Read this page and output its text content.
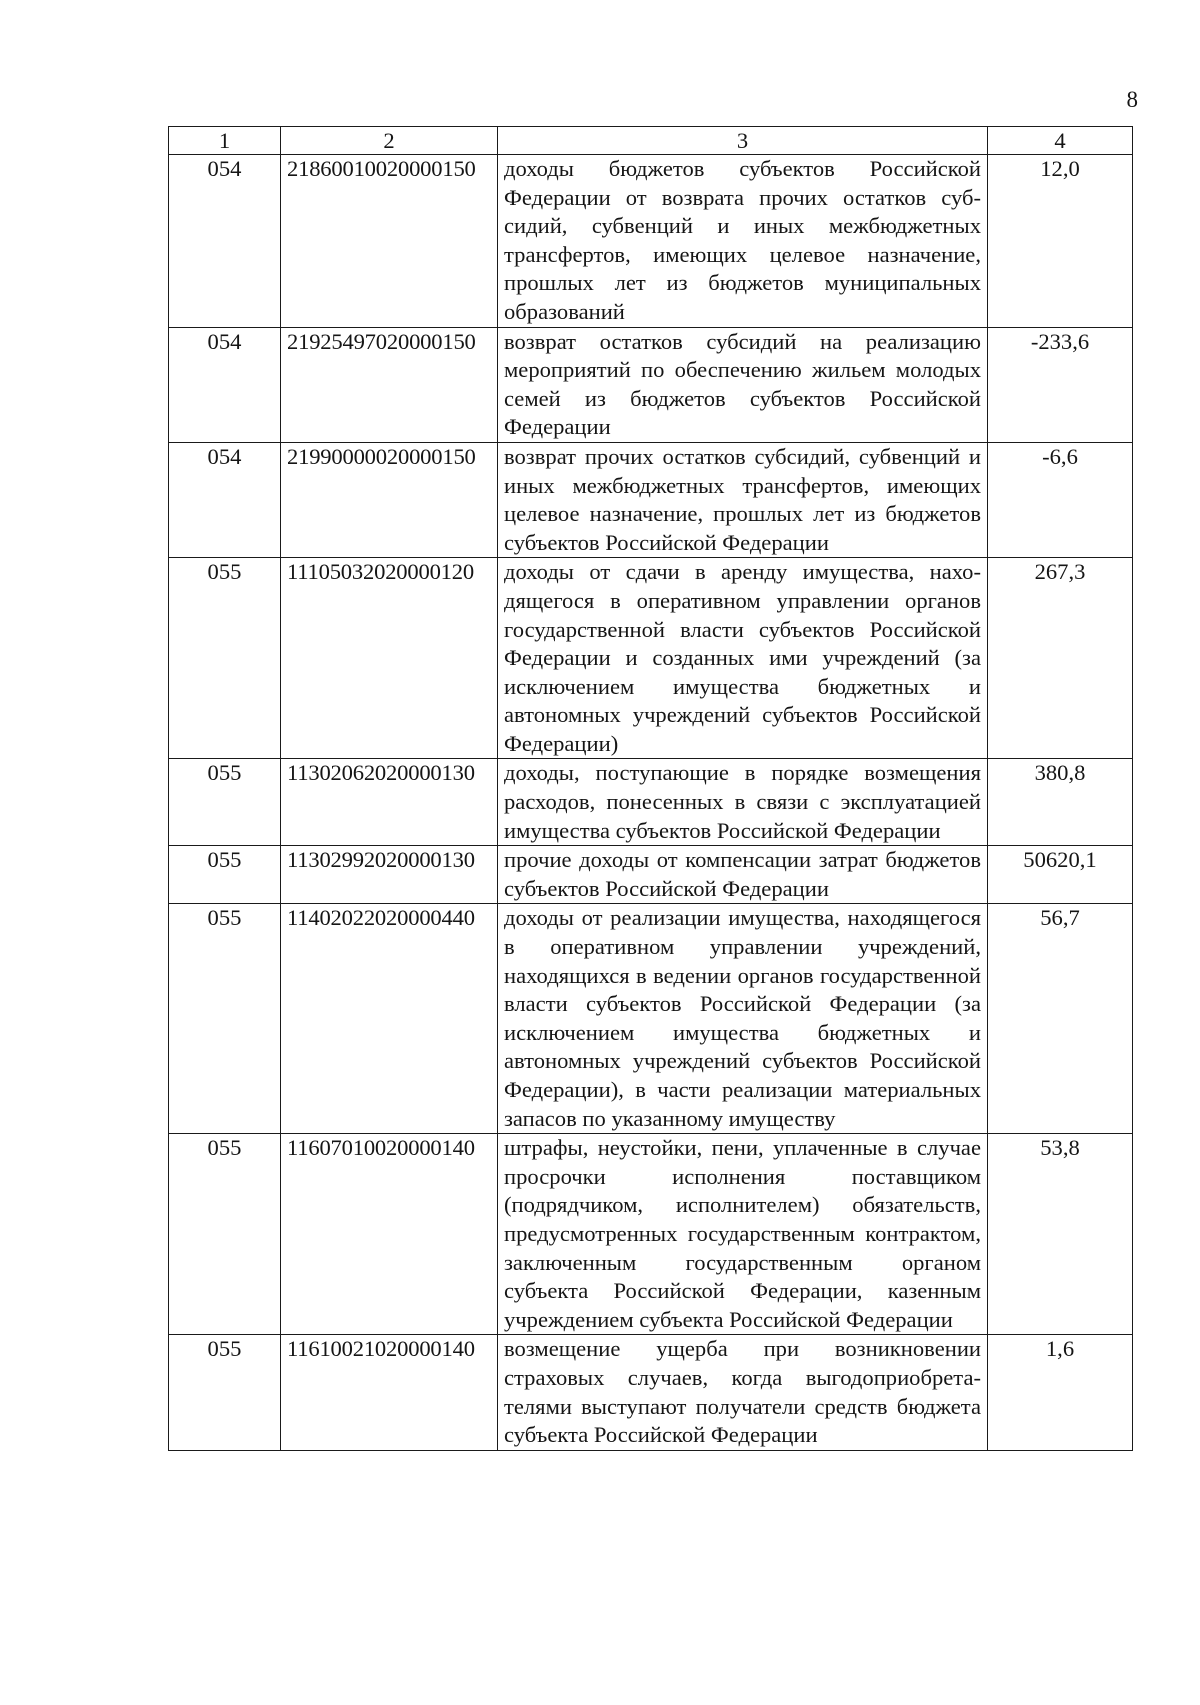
8
1	2	3	4
054	21860010020000150	доходы бюджетов субъектов Российской Федерации от возврата прочих остатков субсидий, субвенций и иных межбюджетных трансфертов, имеющих целевое назначение, прошлых лет из бюджетов муниципальных образований	12,0
054	21925497020000150	возврат остатков субсидий на реализацию мероприятий по обеспечению жильем молодых семей из бюджетов субъектов Российской Федерации	-233,6
054	21990000020000150	возврат прочих остатков субсидий, субвенций и иных межбюджетных трансфертов, имеющих целевое назначение, прошлых лет из бюджетов субъектов Российской Федерации	-6,6
055	11105032020000120	доходы от сдачи в аренду имущества, находящегося в оперативном управлении органов государственной власти субъектов Российской Федерации и созданных ими учреждений (за исключением имущества бюджетных и автономных учреждений субъектов Российской Федерации)	267,3
055	11302062020000130	доходы, поступающие в порядке возмещения расходов, понесенных в связи с эксплуатацией имущества субъектов Российской Федерации	380,8
055	11302992020000130	прочие доходы от компенсации затрат бюджетов субъектов Российской Федерации	50620,1
055	11402022020000440	доходы от реализации имущества, находящегося в оперативном управлении учреждений, находящихся в ведении органов государственной власти субъектов Российской Федерации (за исключением имущества бюджетных и автономных учреждений субъектов Российской Федерации), в части реализации материальных запасов по указанному имуществу	56,7
055	11607010020000140	штрафы, неустойки, пени, уплаченные в случае просрочки исполнения поставщиком (подрядчиком, исполнителем) обязательств, предусмотренных государственным контрактом, заключенным государственным органом субъекта Российской Федерации, казенным учреждением субъекта Российской Федерации	53,8
055	11610021020000140	возмещение ущерба при возникновении страховых случаев, когда выгодоприобретателями выступают получатели средств бюджета субъекта Российской Федерации	1,6
